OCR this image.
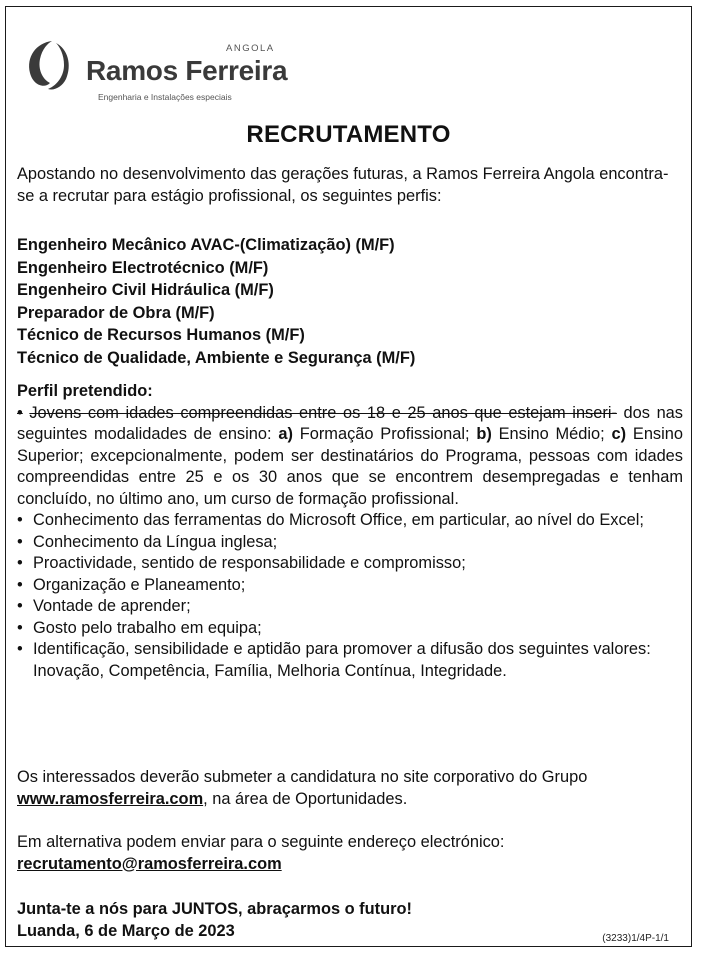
ANGOLA
Ramos Ferreira
Engenharia e Instalações especiais
RECRUTAMENTO
Apostando no desenvolvimento das gerações futuras, a Ramos Ferreira Angola encontra-se a recrutar para estágio profissional, os seguintes perfis:
Engenheiro Mecânico AVAC-(Climatização) (M/F)
Engenheiro Electrotécnico (M/F)
Engenheiro Civil Hidráulica (M/F)
Preparador de Obra (M/F)
Técnico de Recursos Humanos (M/F)
Técnico de Qualidade, Ambiente e Segurança (M/F)
Perfil pretendido:
• Jovens com idades compreendidas entre os 18 e 25 anos que estejam inseri- dos nas seguintes modalidades de ensino: a) Formação Profissional; b) Ensino Médio; c) Ensino Superior; excepcionalmente, podem ser destinatários do Programa, pessoas com idades compreendidas entre 25 e os 30 anos que se encontrem desempregadas e tenham concluído, no último ano, um curso de formação profissional.
• Conhecimento das ferramentas do Microsoft Office, em particular, ao nível do Excel;
• Conhecimento da Língua inglesa;
• Proactividade, sentido de responsabilidade e compromisso;
• Organização e Planeamento;
• Vontade de aprender;
• Gosto pelo trabalho em equipa;
• Identificação, sensibilidade e aptidão para promover a difusão dos seguintes valores: Inovação, Competência, Família, Melhoria Contínua, Integridade.
Os interessados deverão submeter a candidatura no site corporativo do Grupo
www.ramosferreira.com, na área de Oportunidades.
Em alternativa podem enviar para o seguinte endereço electrónico:
recrutamento@ramosferreira.com
Junta-te a nós para JUNTOS, abraçarmos o futuro!
Luanda, 6 de Março de 2023	(3233)1/4P-1/1
